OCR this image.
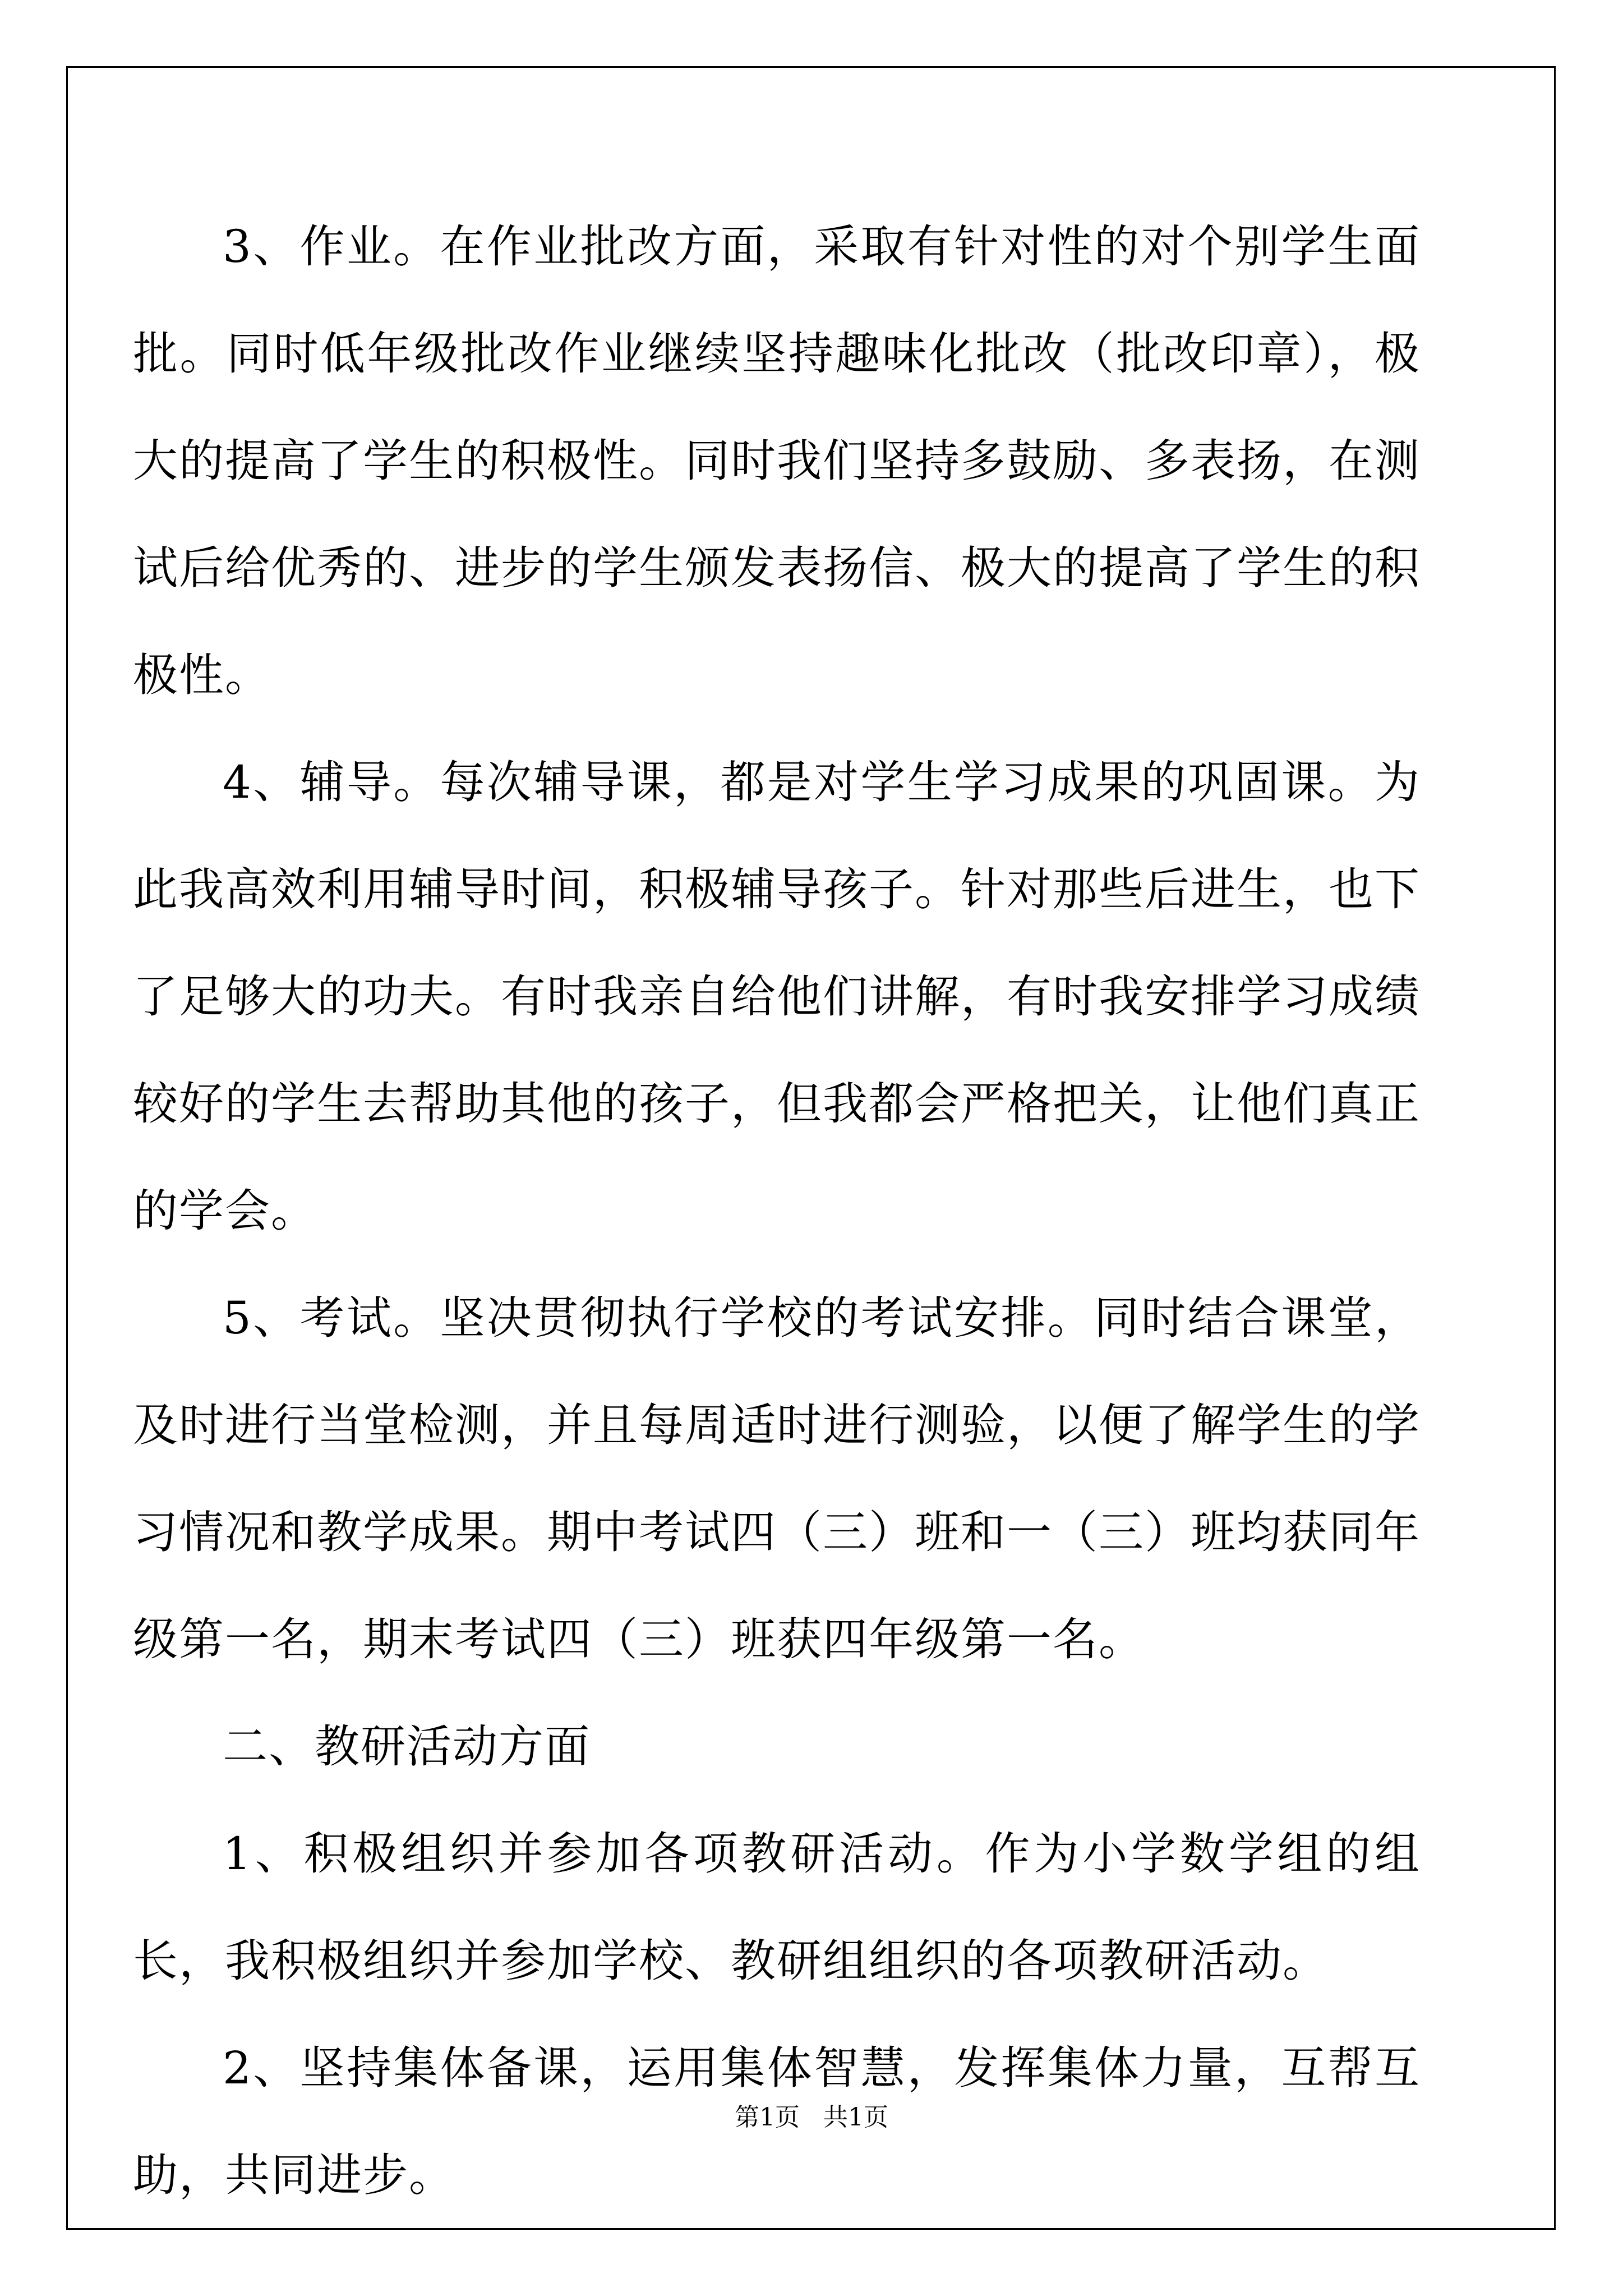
3、作业。在作业批改方面，采取有针对性的对个别学生面批。同时低年级批改作业继续坚持趣味化批改（批改印章），极大的提高了学生的积极性。同时我们坚持多鼓励、多表扬，在测试后给优秀的、进步的学生颁发表扬信、极大的提高了学生的积极性。

4、辅导。每次辅导课，都是对学生学习成果的巩固课。为此我高效利用辅导时间，积极辅导孩子。针对那些后进生，也下了足够大的功夫。有时我亲自给他们讲解，有时我安排学习成绩较好的学生去帮助其他的孩子，但我都会严格把关，让他们真正的学会。

5、考试。坚决贯彻执行学校的考试安排。同时结合课堂，及时进行当堂检测，并且每周适时进行测验，以便了解学生的学习情况和教学成果。期中考试四（三）班和一（三）班均获同年级第一名，期末考试四（三）班获四年级第一名。

二、教研活动方面

1、积极组织并参加各项教研活动。作为小学数学组的组长，我积极组织并参加学校、教研组组织的各项教研活动。

2、坚持集体备课，运用集体智慧，发挥集体力量，互帮互助，共同进步。

第1页   共1页
